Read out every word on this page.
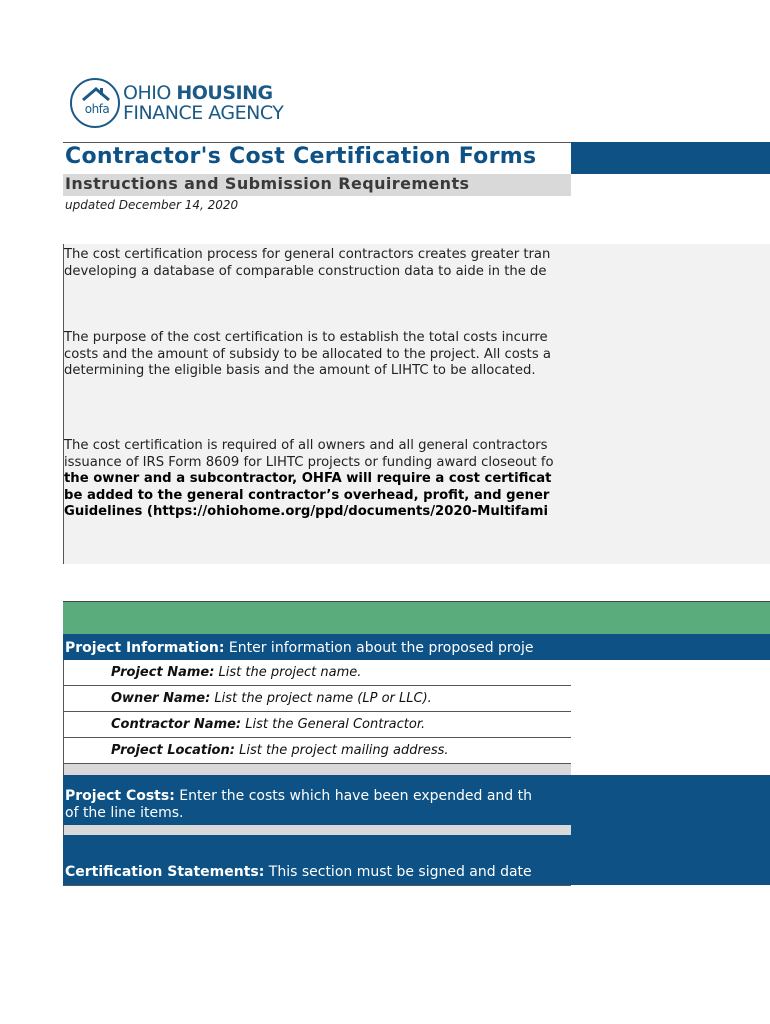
ohfa
OHIO HOUSING
FINANCE AGENCY
Contractor's Cost Certification Forms
Instructions and Submission Requirements
updated December 14, 2020
The cost certification process for general contractors creates greater tran
developing a database of comparable construction data to aide in the de
The purpose of the cost certification is to establish the total costs incurre
costs and the amount of subsidy to be allocated to the project. All costs a
determining the eligible basis and the amount of LIHTC to be allocated.
The cost certification is required of all owners and all general contractors
issuance of IRS Form 8609 for LIHTC projects or funding award closeout fo
the owner and a subcontractor, OHFA will require a cost certificat
be added to the general contractor’s overhead, profit, and gener
Guidelines (https://ohiohome.org/ppd/documents/2020-Multifami
Project Information: Enter information about the proposed proje
Project Name: List the project name.
Owner Name: List the project name (LP or LLC).
Contractor Name: List the General Contractor.
Project Location: List the project mailing address.
Project Costs: Enter the costs which have been expended and th
of the line items.
Certification Statements: This section must be signed and date
